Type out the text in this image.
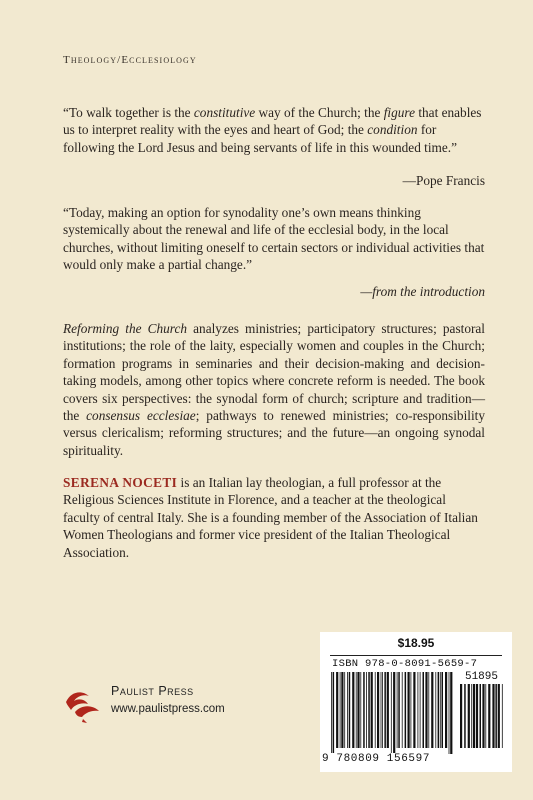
Theology/Ecclesiology

“To walk together is the constitutive way of the Church; the figure that enables us to interpret reality with the eyes and heart of God; the condition for following the Lord Jesus and being servants of life in this wounded time.”

—Pope Francis

“Today, making an option for synodality one’s own means thinking systemically about the renewal and life of the ecclesial body, in the local churches, without limiting oneself to certain sectors or individual activities that would only make a partial change.”

—from the introduction

Reforming the Church analyzes ministries; participatory structures; pastoral institutions; the role of the laity, especially women and couples in the Church; formation programs in seminaries and their decision-making and decision-taking models, among other topics where concrete reform is needed. The book covers six perspectives: the synodal form of church; scripture and tradition—the consensus ecclesiae; pathways to renewed ministries; co-responsibility versus clericalism; reforming structures; and the future—an ongoing synodal spirituality.

SERENA NOCETI is an Italian lay theologian, a full professor at the Religious Sciences Institute in Florence, and a teacher at the theological faculty of central Italy. She is a founding member of the Association of Italian Women Theologians and former vice president of the Italian Theological Association.

Paulist Press
www.paulistpress.com
$18.95
ISBN 978-0-8091-5659-7
51895
9 780809 156597
